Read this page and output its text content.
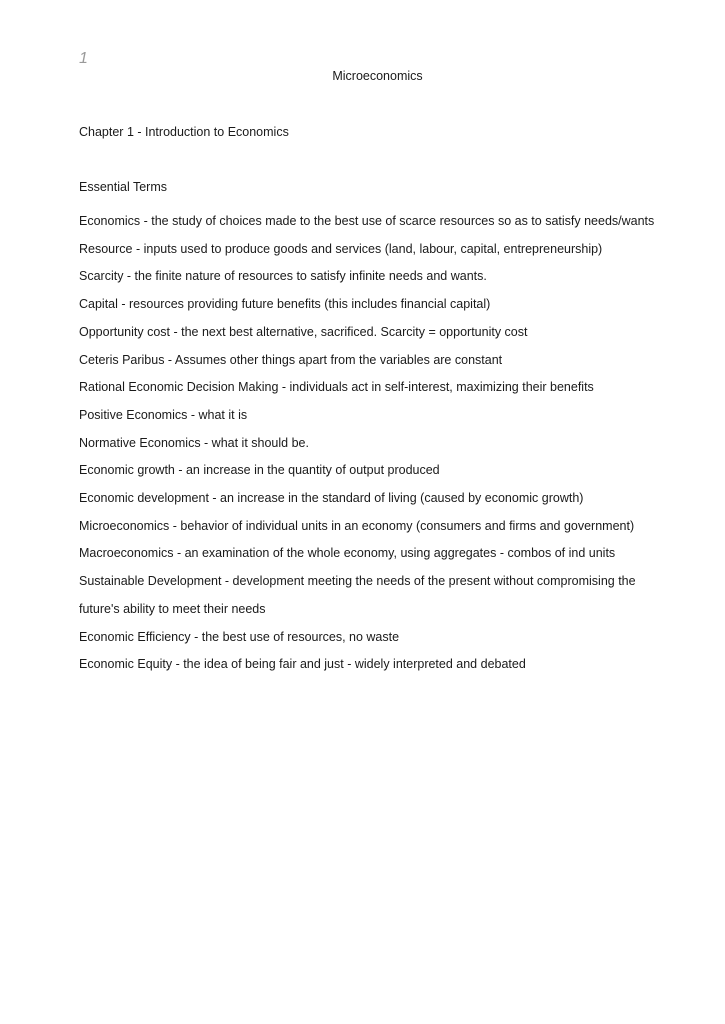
1
Microeconomics
Chapter 1 - Introduction to Economics
Essential Terms
Economics - the study of choices made to the best use of scarce resources so as to satisfy needs/wants
Resource - inputs used to produce goods and services (land, labour, capital, entrepreneurship)
Scarcity - the finite nature of resources to satisfy infinite needs and wants.
Capital - resources providing future benefits (this includes financial capital)
Opportunity cost - the next best alternative, sacrificed. Scarcity = opportunity cost
Ceteris Paribus - Assumes other things apart from the variables are constant
Rational Economic Decision Making - individuals act in self-interest, maximizing their benefits
Positive Economics - what it is
Normative Economics - what it should be.
Economic growth - an increase in the quantity of output produced
Economic development - an increase in the standard of living (caused by economic growth)
Microeconomics - behavior of individual units in an economy (consumers and firms and government)
Macroeconomics - an examination of the whole economy, using aggregates - combos of ind units
Sustainable Development - development meeting the needs of the present without compromising the
future's ability to meet their needs
Economic Efficiency - the best use of resources, no waste
Economic Equity - the idea of being fair and just - widely interpreted and debated
